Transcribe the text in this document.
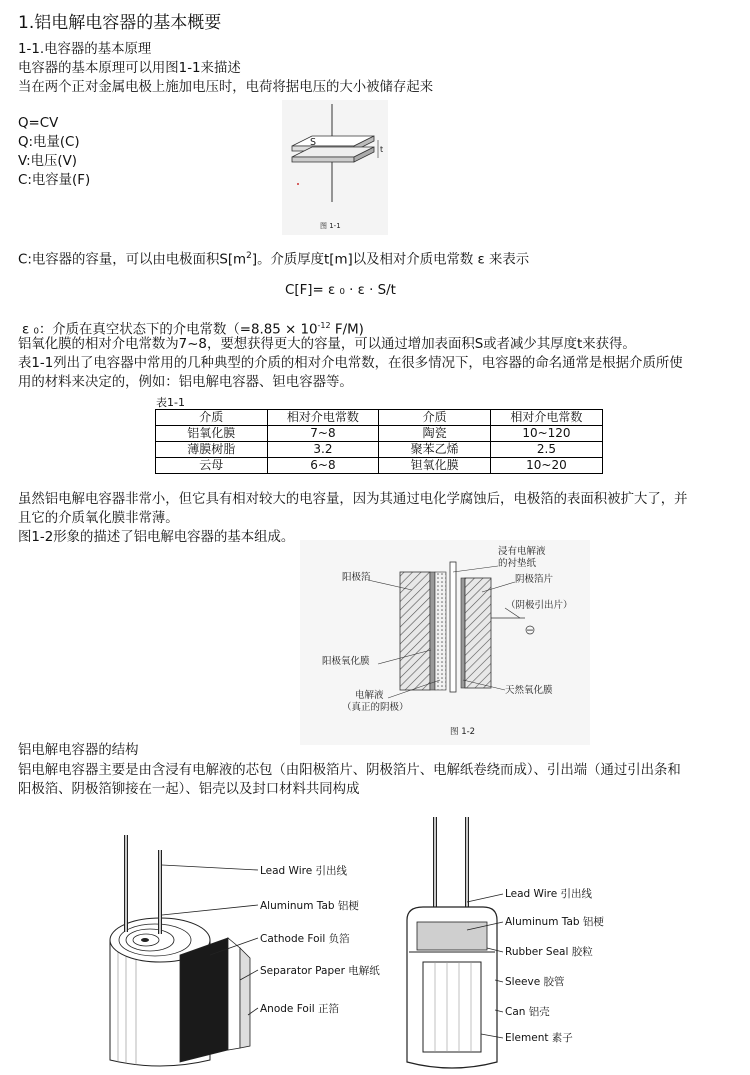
1.铝电解电容器的基本概要
1-1.电容器的基本原理
电容器的基本原理可以用图1-1来描述
当在两个正对金属电极上施加电压时，电荷将据电压的大小被储存起来
Q=CV
Q:电量(C)
V:电压(V)
C:电容量(F)
S
t
图 1-1
C:电容器的容量，可以由电极面积$S[m^2]$。介质厚度t[m]以及相对介质电常数 ε 来表示
C[F]= ε ₀ · ε · S/t
ε ₀：介质在真空状态下的介电常数（$=8.85 \times 10^{-12}$ F/M)
铝氧化膜的相对介电常数为7~8，要想获得更大的容量，可以通过增加表面积S或者减少其厚度t来获得。
表1-1列出了电容器中常用的几种典型的介质的相对介电常数，在很多情况下，电容器的命名通常是根据介质所使
用的材料来决定的，例如：铝电解电容器、钽电容器等。
表1-1
介质	相对介电常数	介质	相对介电常数
铝氧化膜	7~8	陶瓷	10~120
薄膜树脂	3.2	聚苯乙烯	2.5
云母	6~8	钽氧化膜	10~20
虽然铝电解电容器非常小，但它具有相对较大的电容量，因为其通过电化学腐蚀后，电极箔的表面积被扩大了，并
且它的介质氧化膜非常薄。
图1-2形象的描述了铝电解电容器的基本组成。
−
阳极箔
浸有电解液
的衬垫纸
阴极箔片
（阴极引出片）
阳极氧化膜
天然氧化膜
电解液
（真正的阴极）
图 1-2
铝电解电容器的结构
铝电解电容器主要是由含浸有电解液的芯包（由阳极箔片、阴极箔片、电解纸卷绕而成）、引出端（通过引出条和
阳极箔、阴极箔铆接在一起）、铝壳以及封口材料共同构成
Lead Wire 引出线
Aluminum Tab 铝梗
Cathode Foil 负箔
Separator Paper 电解纸
Anode Foil 正箔
Lead Wire 引出线
Aluminum Tab 铝梗
Rubber Seal 胶粒
Sleeve 胶管
Can 铝壳
Element 素子
